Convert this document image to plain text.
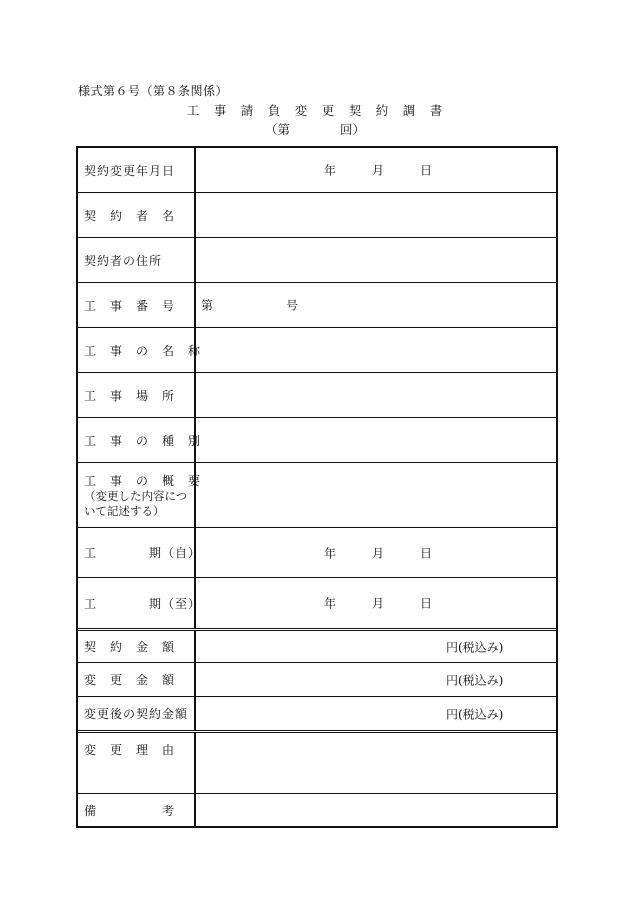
様式第６号（第８条関係）
工　事　請　負　変　更　契　約　調　書
（第　　　　回）
契約変更年月日	年	月	日
契　約　者　名
契約者の住所
工　事　番　号	第	号
工　事　の　名　称
工　事　場　所
工　事　の　種　別
工　事　の　概　要
（変更した内容について記述する）
工　　　　期（自）	年	月	日
工　　　　期（至）	年	月	日
契　約　金　額	円(税込み)
変　更　金　額	円(税込み)
変更後の契約金額	円(税込み)
変　更　理　由
備　　　　　考
